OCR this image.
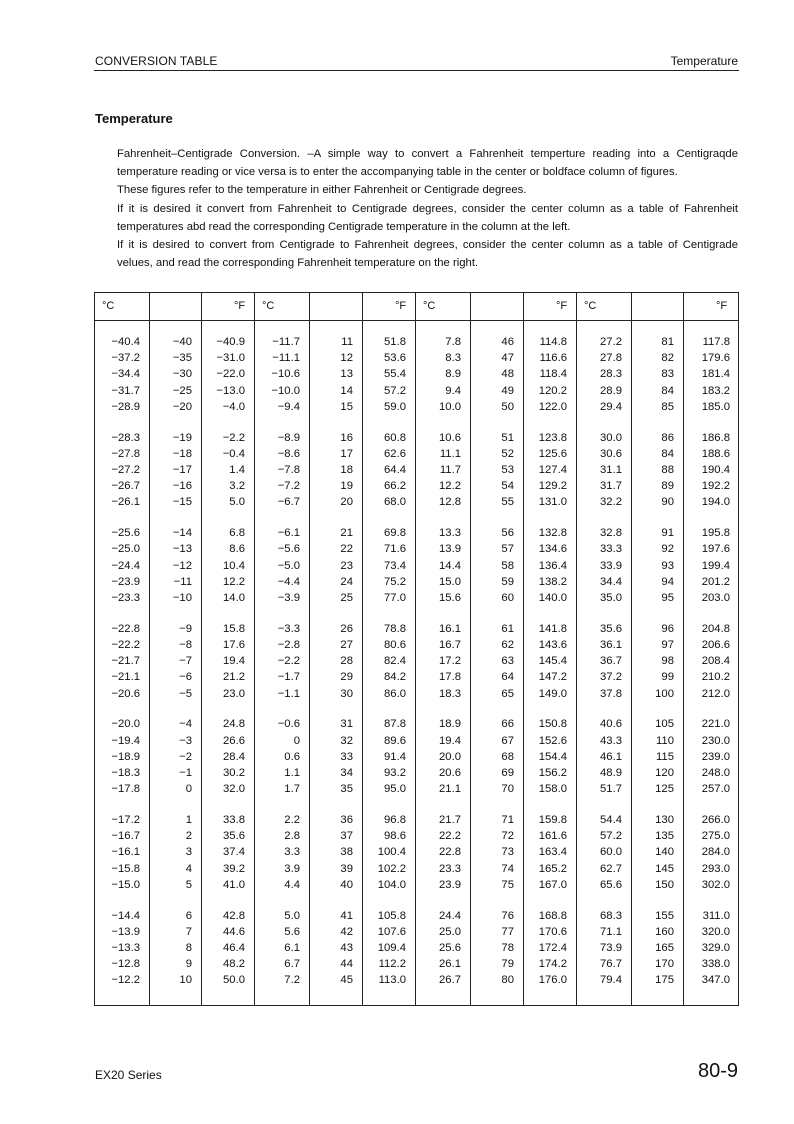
CONVERSION TABLE	Temperature
Temperature

Fahrenheit–Centigrade Conversion. –A simple way to convert a Fahrenheit temperture reading into a Centigraqde temperature reading or vice versa is to enter the accompanying table in the center or boldface column of figures.

These figures refer to the temperature in either Fahrenheit or Centigrade degrees.

If it is desired it convert from Fahrenheit to Centigrade degrees, consider the center column as a table of Fahrenheit temperatures abd read the corresponding Centigrade temperature in the column at the left.

If it is desired to convert from Centigrade to Fahrenheit degrees, consider the center column as a table of Centigrade velues, and read the corresponding Fahrenheit temperature on the right.

°C	°F °C	°F °C	°F °C	°F
−40.4	−40 −40.9 −11.7	11	51.8	7.8	46 114.8	27.2	81	117.8
−37.2	−35 −31.0 −11.1	12	53.6	8.3	47 116.6	27.8	82 179.6
−34.4	−30 −22.0 −10.6	13	55.4	8.9	48 118.4	28.3	83 181.4
−31.7	−25 −13.0 −10.0	14	57.2	9.4	49 120.2	28.9	84 183.2
−28.9	−20	−4.0	−9.4	15	59.0	10.0	50 122.0	29.4	85 185.0
−28.3	−19	−2.2	−8.9	16	60.8	10.6	51 123.8	30.0	86 186.8
−27.8	−18	−0.4	−8.6	17	62.6	11.1	52 125.6	30.6	84 188.6
−27.2	−17	1.4	−7.8	18	64.4	11.7	53 127.4	31.1	88 190.4
−26.7	−16	3.2	−7.2	19	66.2	12.2	54 129.2	31.7	89 192.2
−26.1	−15	5.0	−6.7	20	68.0	12.8	55 131.0	32.2	90 194.0
−25.6	−14	6.8	−6.1	21	69.8	13.3	56 132.8	32.8	91 195.8
−25.0	−13	8.6	−5.6	22	71.6	13.9	57 134.6	33.3	92 197.6
−24.4	−12	10.4	−5.0	23	73.4	14.4	58 136.4	33.9	93 199.4
−23.9	−11	12.2	−4.4	24	75.2	15.0	59 138.2	34.4	94 201.2
−23.3	−10	14.0	−3.9	25	77.0	15.6	60 140.0	35.0	95 203.0
−22.8	−9	15.8	−3.3	26	78.8	16.1	61 141.8	35.6	96 204.8
−22.2	−8	17.6	−2.8	27	80.6	16.7	62 143.6	36.1	97 206.6
−21.7	−7	19.4	−2.2	28	82.4	17.2	63 145.4	36.7	98 208.4
−21.1	−6	21.2	−1.7	29	84.2	17.8	64 147.2	37.2	99 210.2
−20.6	−5	23.0	−1.1	30	86.0	18.3	65 149.0	37.8	100 212.0
−20.0	−4	24.8	−0.6	31	87.8	18.9	66 150.8	40.6	105 221.0
−19.4	−3	26.6	0	32	89.6	19.4	67 152.6	43.3	110 230.0
−18.9	−2	28.4	0.6	33	91.4	20.0	68 154.4	46.1	115 239.0
−18.3	−1	30.2	1.1	34	93.2	20.6	69 156.2	48.9	120 248.0
−17.8	0	32.0	1.7	35	95.0	21.1	70 158.0	51.7	125 257.0
−17.2	1	33.8	2.2	36	96.8	21.7	71 159.8	54.4	130 266.0
−16.7	2	35.6	2.8	37	98.6	22.2	72 161.6	57.2	135 275.0
−16.1	3	37.4	3.3	38 100.4	22.8	73 163.4	60.0	140 284.0
−15.8	4	39.2	3.9	39 102.2	23.3	74 165.2	62.7	145 293.0
−15.0	5	41.0	4.4	40 104.0	23.9	75 167.0	65.6	150 302.0
−14.4	6	42.8	5.0	41 105.8	24.4	76 168.8	68.3	155	311.0
−13.9	7	44.6	5.6	42 107.6	25.0	77 170.6	71.1	160 320.0
−13.3	8	46.4	6.1	43 109.4	25.6	78 172.4	73.9	165 329.0
−12.8	9	48.2	6.7	44 112.2	26.1	79 174.2	76.7	170 338.0
−12.2	10	50.0	7.2	45 113.0	26.7	80 176.0	79.4	175 347.0
EX20 Series	80-9
